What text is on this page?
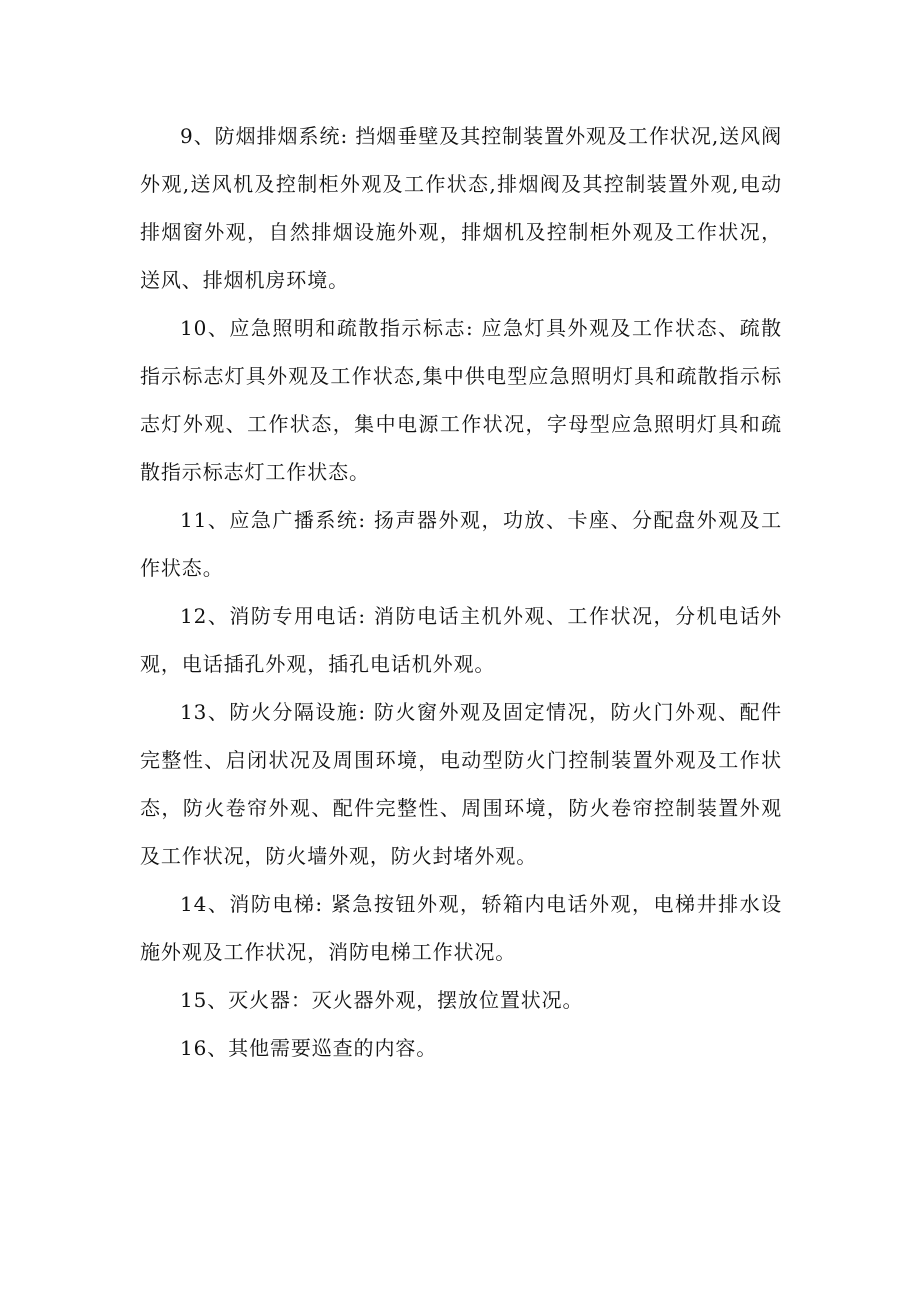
9、防烟排烟系统: 挡烟垂壁及其控制装置外观及工作状况,送风阀外观,送风机及控制柜外观及工作状态,排烟阀及其控制装置外观,电动排烟窗外观，自然排烟设施外观，排烟机及控制柜外观及工作状况，送风、排烟机房环境。

10、应急照明和疏散指示标志: 应急灯具外观及工作状态、疏散指示标志灯具外观及工作状态,集中供电型应急照明灯具和疏散指示标志灯外观、工作状态，集中电源工作状况，字母型应急照明灯具和疏散指示标志灯工作状态。

11、应急广播系统: 扬声器外观，功放、卡座、分配盘外观及工作状态。

12、消防专用电话: 消防电话主机外观、工作状况，分机电话外观，电话插孔外观，插孔电话机外观。

13、防火分隔设施: 防火窗外观及固定情况，防火门外观、配件完整性、启闭状况及周围环境，电动型防火门控制装置外观及工作状态，防火卷帘外观、配件完整性、周围环境，防火卷帘控制装置外观及工作状况，防火墙外观，防火封堵外观。

14、消防电梯: 紧急按钮外观，轿箱内电话外观，电梯井排水设施外观及工作状况，消防电梯工作状况。

15、灭火器：灭火器外观，摆放位置状况。

16、其他需要巡查的内容。
